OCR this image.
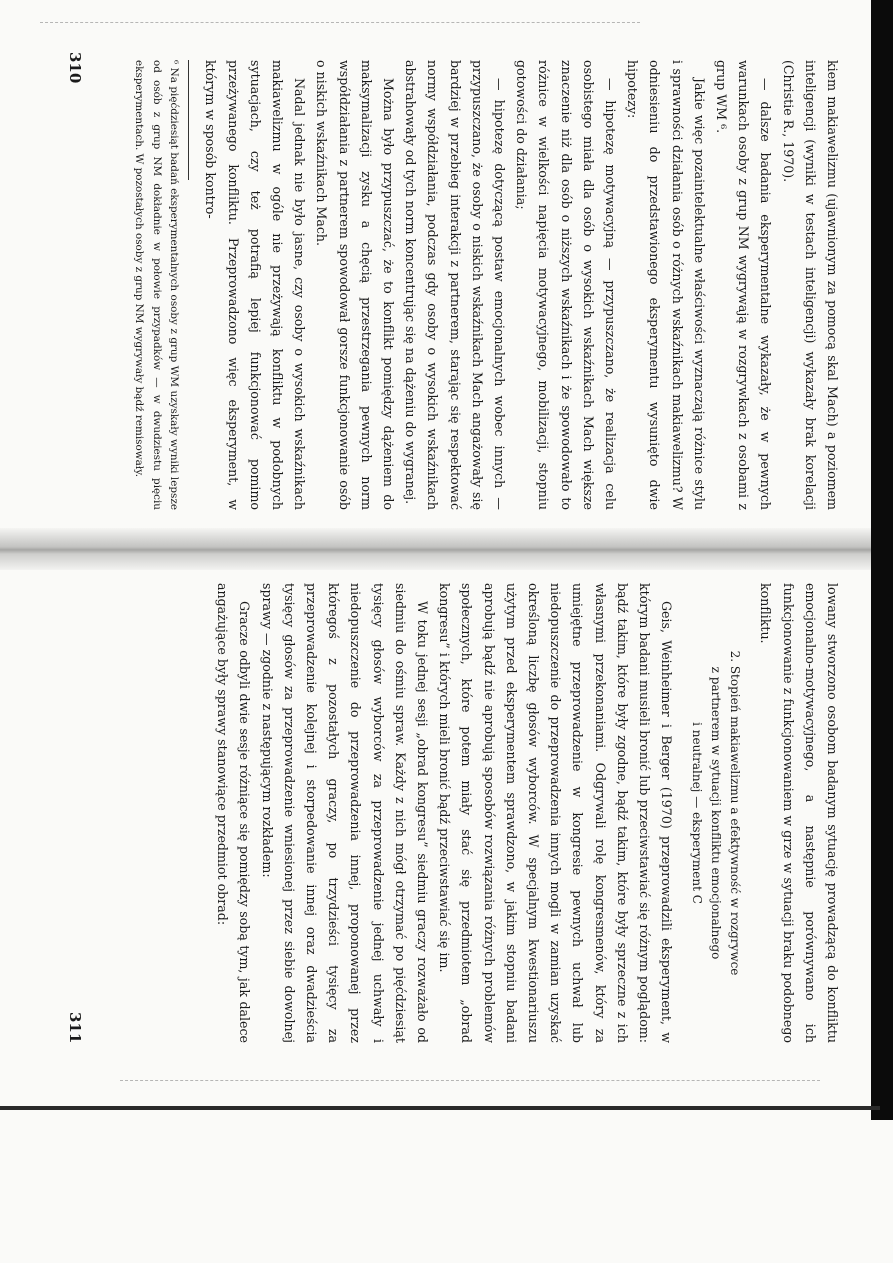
310
311

kiem makiawelizmu (ujawnionym za pomocą skal Mach) a poziomem inteligencji (wyniki w testach inteligencji) wykazały brak korelacji (Christie R., 1970).

— dalsze badania eksperymentalne wykazały, że w pewnych warunkach osoby z grup NM wygrywają w rozgrywkach z osobami z grup WM ⁶.

Jakie więc pozaintelektualne właściwości wyznaczają różnice stylu i sprawności działania osób o różnych wskaźnikach makiawelizmu? W odniesieniu do przedstawionego eksperymentu wysunięto dwie hipotezy:

— hipotezę motywacyjną — przypuszczano, że realizacja celu osobistego miała dla osób o wysokich wskaźnikach Mach większe znaczenie niż dla osób o niższych wskaźnikach i że spowodowało to różnice w wielkości napięcia motywacyjnego, mobilizacji, stopniu gotowości do działania;

— hipotezę dotyczącą postaw emocjonalnych wobec innych — przypuszczano, że osoby o niskich wskaźnikach Mach angażowały się bardziej w przebieg interakcji z partnerem, starając się respektować normy współdziałania, podczas gdy osoby o wysokich wskaźnikach abstrahowały od tych norm koncentrując się na dążeniu do wygranej.

Można było przypuszczać, że to konflikt pomiędzy dążeniem do maksymalizacji zysku a chęcią przestrzegania pewnych norm współdziałania z partnerem spowodował gorsze funkcjonowanie osób o niskich wskaźnikach Mach.

Nadal jednak nie było jasne, czy osoby o wysokich wskaźnikach makiawelizmu w ogóle nie przeżywają konfliktu w podobnych sytuacjach, czy też potrafią lepiej funkcjonować pomimo przeżywanego konfliktu. Przeprowadzono więc eksperyment, w którym w sposób kontro-

⁶ Na pięćdziesiąt badań eksperymentalnych osoby z grup WM uzyskały wyniki lepsze od osób z grup NM dokładnie w połowie przypadków — w dwudziestu pięciu eksperymentach. W pozostałych osoby z grup NM wygrywały bądź remisowały.

lowany stworzono osobom badanym sytuację prowadzącą do konfliktu emocjonalno-motywacyjnego, a następnie porównywano ich funkcjonowanie z funkcjonowaniem w grze w sytuacji braku podobnego konfliktu.

2. Stopień makiawelizmu a efektywność w rozgrywce
z partnerem w sytuacji konfliktu emocjonalnego
i neutralnej — eksperyment C

Geis, Weinheimer i Berger (1970) przeprowadzili eksperyment, w którym badani musieli bronić lub przeciwstawiać się różnym poglądom: bądź takim, które były zgodne, bądź takim, które były sprzeczne z ich własnymi przekonaniami. Odgrywali rolę kongresmenów, który za umiejętne przeprowadzenie w kongresie pewnych uchwał lub niedopuszczenie do przeprowadzenia innych mogli w zamian uzyskać określoną liczbę głosów wyborców. W specjalnym kwestionariuszu użytym przed eksperymentem sprawdzono, w jakim stopniu badani aprobują bądź nie aprobują sposobów rozwiązania różnych problemów społecznych, które potem miały stać się przedmiotem „obrad kongresu” i których mieli bronić bądź przeciwstawiać się im.

W toku jednej sesji „obrad kongresu” siedmiu graczy rozważało od siedmiu do ośmiu spraw. Każdy z nich mógł otrzymać po pięćdziesiąt tysięcy głosów wyborców za przeprowadzenie jednej uchwały i niedopuszczenie do przeprowadzenia innej, proponowanej przez któregoś z pozostałych graczy, po trzydzieści tysięcy za przeprowadzenie kolejnej i storpedowanie innej oraz dwadzieścia tysięcy głosów za przeprowadzenie wniesionej przez siebie dowolnej sprawy — zgodnie z następującym rozkładem:

Gracze odbyli dwie sesje różniące się pomiędzy sobą tym, jak dalece angażujące były sprawy stanowiące przedmiot obrad:
